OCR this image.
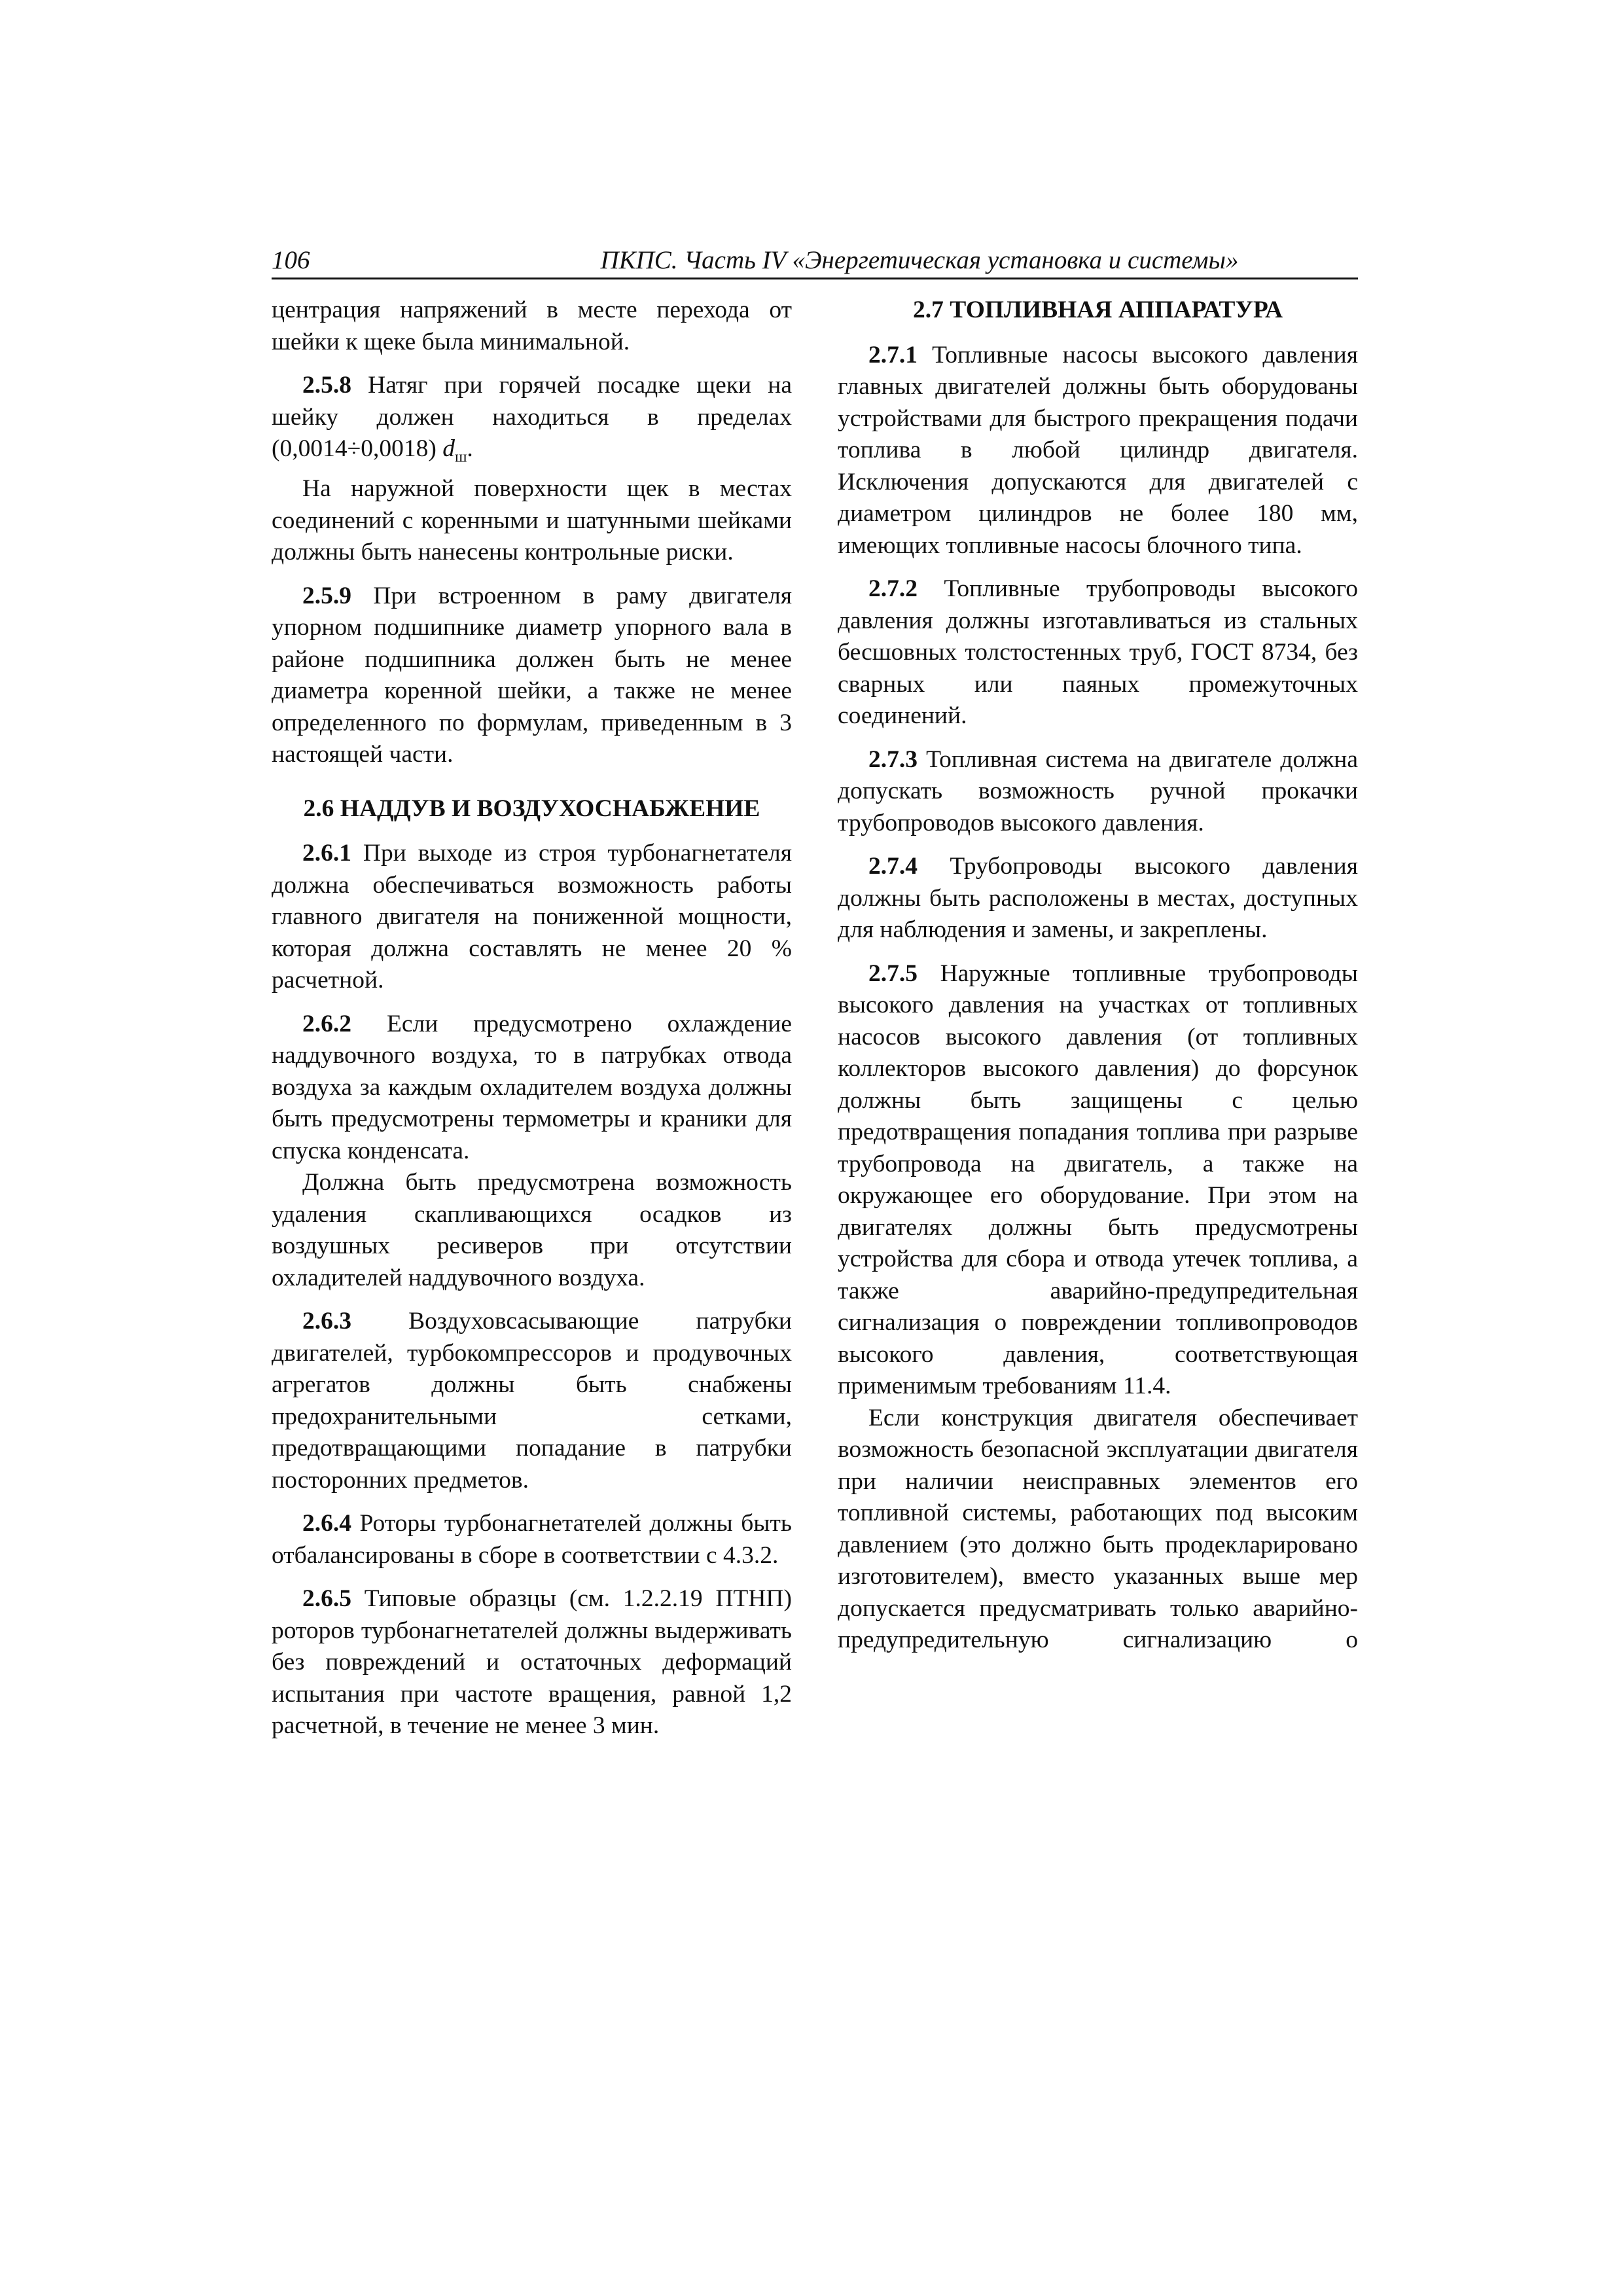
106	ПКПС. Часть IV «Энергетическая установка и системы»

центрация напряжений в месте перехода от шейки к щеке была минимальной.

2.5.8 Натяг при горячей посадке щеки на шейку должен находиться в пределах (0,0014÷0,0018) $d_ш$.

На наружной поверхности щек в местах соединений с коренными и шатунными шейками должны быть нанесены контрольные риски.

2.5.9 При встроенном в раму двигателя упорном подшипнике диаметр упорного вала в районе подшипника должен быть не менее диаметра коренной шейки, а также не менее определенного по формулам, приведенным в 3 настоящей части.

2.6 НАДДУВ И ВОЗДУХОСНАБЖЕНИЕ

2.6.1 При выходе из строя турбонагнетателя должна обеспечиваться возможность работы главного двигателя на пониженной мощности, которая должна составлять не менее 20 % расчетной.

2.6.2 Если предусмотрено охлаждение наддувочного воздуха, то в патрубках отвода воздуха за каждым охладителем воздуха должны быть предусмотрены термометры и краники для спуска конденсата.

Должна быть предусмотрена возможность удаления скапливающихся осадков из воздушных ресиверов при отсутствии охладителей наддувочного воздуха.

2.6.3 Воздуховсасывающие патрубки двигателей, турбокомпрессоров и продувочных агрегатов должны быть снабжены предохранительными сетками, предотвращающими попадание в патрубки посторонних предметов.

2.6.4 Роторы турбонагнетателей должны быть отбалансированы в сборе в соответствии с 4.3.2.

2.6.5 Типовые образцы (см. 1.2.2.19 ПТНП) роторов турбонагнетателей должны выдерживать без повреждений и остаточных деформаций испытания при частоте вращения, равной 1,2 расчетной, в течение не менее 3 мин.

2.7 ТОПЛИВНАЯ АППАРАТУРА

2.7.1 Топливные насосы высокого давления главных двигателей должны быть оборудованы устройствами для быстрого прекращения подачи топлива в любой цилиндр двигателя. Исключения допускаются для двигателей с диаметром цилиндров не более 180 мм, имеющих топливные насосы блочного типа.

2.7.2 Топливные трубопроводы высокого давления должны изготавливаться из стальных бесшовных толстостенных труб, ГОСТ 8734, без сварных или паяных промежуточных соединений.

2.7.3 Топливная система на двигателе должна допускать возможность ручной прокачки трубопроводов высокого давления.

2.7.4 Трубопроводы высокого давления должны быть расположены в местах, доступных для наблюдения и замены, и закреплены.

2.7.5 Наружные топливные трубопроводы высокого давления на участках от топливных насосов высокого давления (от топливных коллекторов высокого давления) до форсунок должны быть защищены с целью предотвращения попадания топлива при разрыве трубопровода на двигатель, а также на окружающее его оборудование. При этом на двигателях должны быть предусмотрены устройства для сбора и отвода утечек топлива, а также аварийно-предупредительная сигнализация о повреждении топливопроводов высокого давления, соответствующая применимым требованиям 11.4.

Если конструкция двигателя обеспечивает возможность безопасной эксплуатации двигателя при наличии неисправных элементов его топливной системы, работающих под высоким давлением (это должно быть продекларировано изготовителем), вместо указанных выше мер допускается предусматривать только аварийно-предупредительную сигнализацию о
